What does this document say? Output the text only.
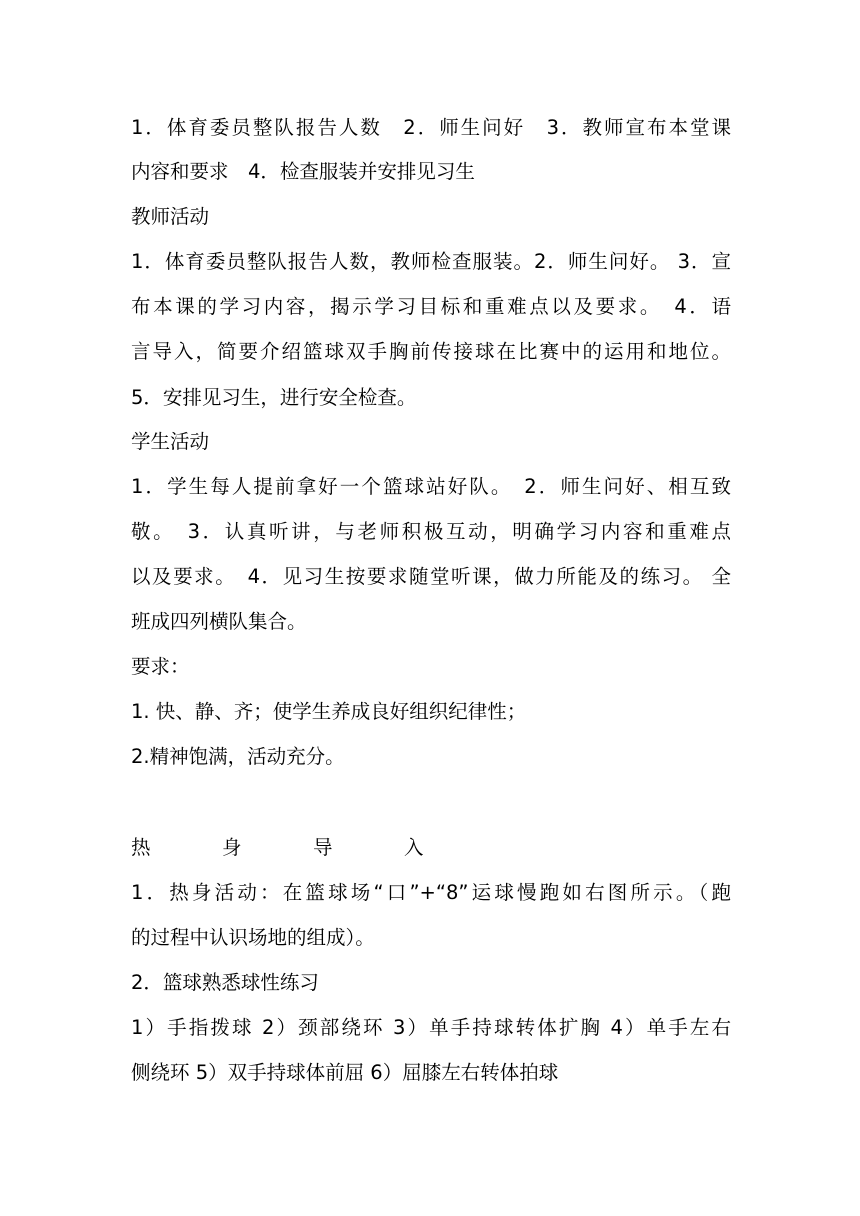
1．体育委员整队报告人数　2．师生问好　3．教师宣布本堂课
内容和要求　4．检查服装并安排见习生
教师活动
1．体育委员整队报告人数，教师检查服装。2．师生问好。 3．宣
布本课的学习内容，揭示学习目标和重难点以及要求。　4．语
言导入，简要介绍篮球双手胸前传接球在比赛中的运用和地位。
5．安排见习生，进行安全检查。
学生活动
1．学生每人提前拿好一个篮球站好队。　2．师生问好、相互致
敬。　3．认真听讲，与老师积极互动，明确学习内容和重难点
以及要求。　4．见习生按要求随堂听课，做力所能及的练习。 全
班成四列横队集合。
要求：
1. 快、静、齐；使学生养成良好组织纪律性；
2.精神饱满，活动充分。
热　身　导　入
1．热身活动：在篮球场“口”+“8”运球慢跑如右图所示。（跑
的过程中认识场地的组成）。
2．篮球熟悉球性练习
1）手指拨球 2）颈部绕环 3）单手持球转体扩胸 4）单手左右
侧绕环 5）双手持球体前屈 6）屈膝左右转体拍球
